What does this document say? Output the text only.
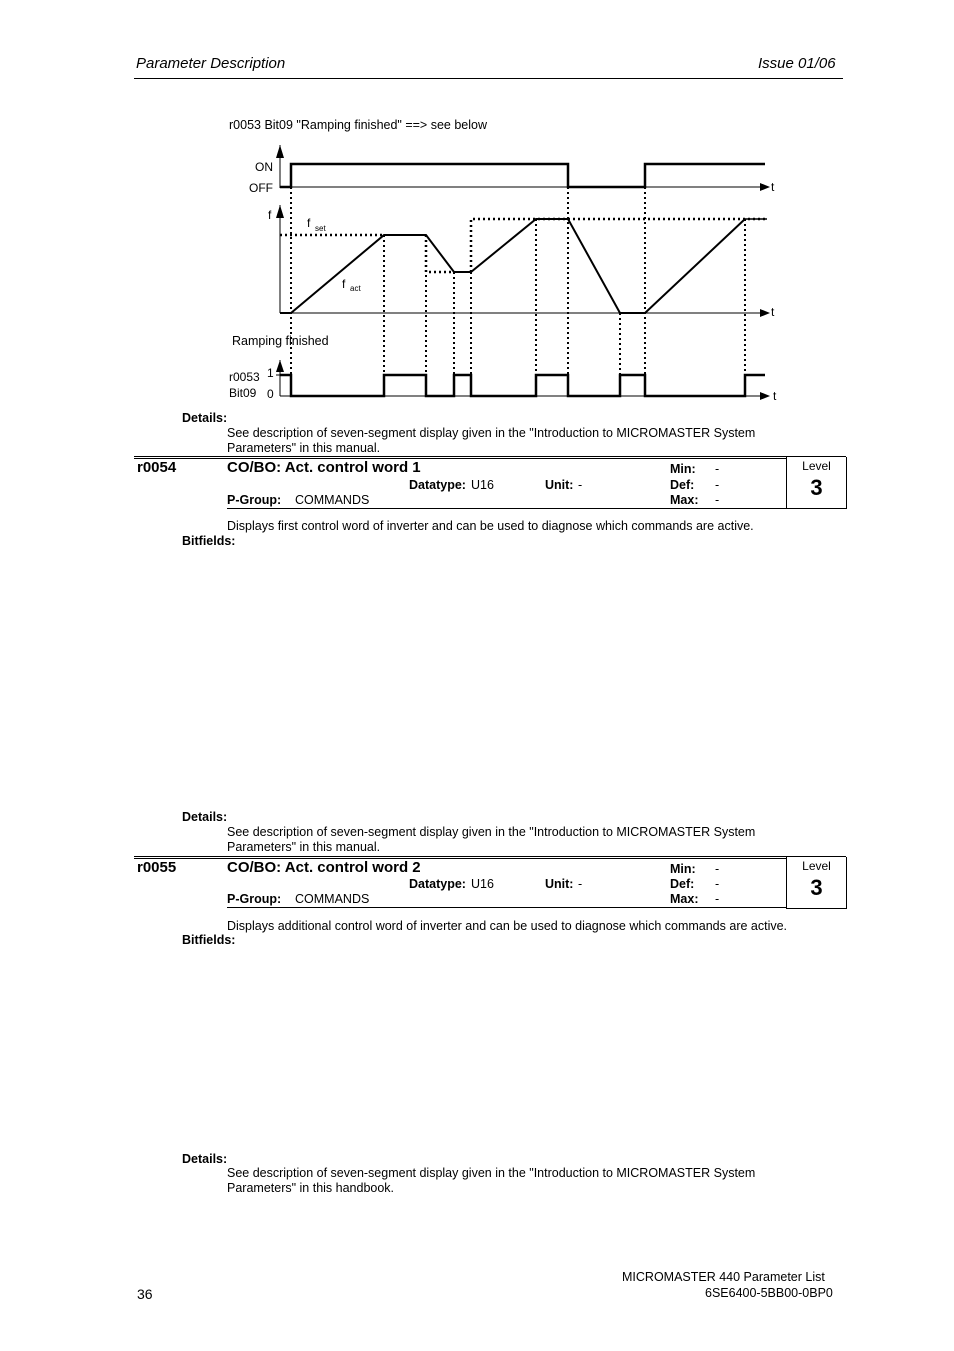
Parameter Description	Issue 01/06
r0053 Bit09 "Ramping finished" ==> see below
ON
OFF	t
f
f set
f act
t
Ramping finished
r0053 1
Bit09 0	t
Details:
See description of seven-segment display given in the "Introduction to MICROMASTER System
Parameters" in this manual.
Level
3
r0054	CO/BO: Act. control word 1	Min: -
Datatype: U16	Unit: -	Def: -
P-Group: COMMANDS	Max: -
Displays first control word of inverter and can be used to diagnose which commands are active.
Bitfields:
Details:
See description of seven-segment display given in the "Introduction to MICROMASTER System
Parameters" in this manual.
Level
3
r0055	CO/BO: Act. control word 2	Min: -
Datatype: U16	Unit: -	Def: -
P-Group: COMMANDS	Max: -
Displays additional control word of inverter and can be used to diagnose which commands are active.
Bitfields:
Details:
See description of seven-segment display given in the "Introduction to MICROMASTER System
Parameters" in this handbook.
36
MICROMASTER 440 Parameter List
6SE6400-5BB00-0BP0
